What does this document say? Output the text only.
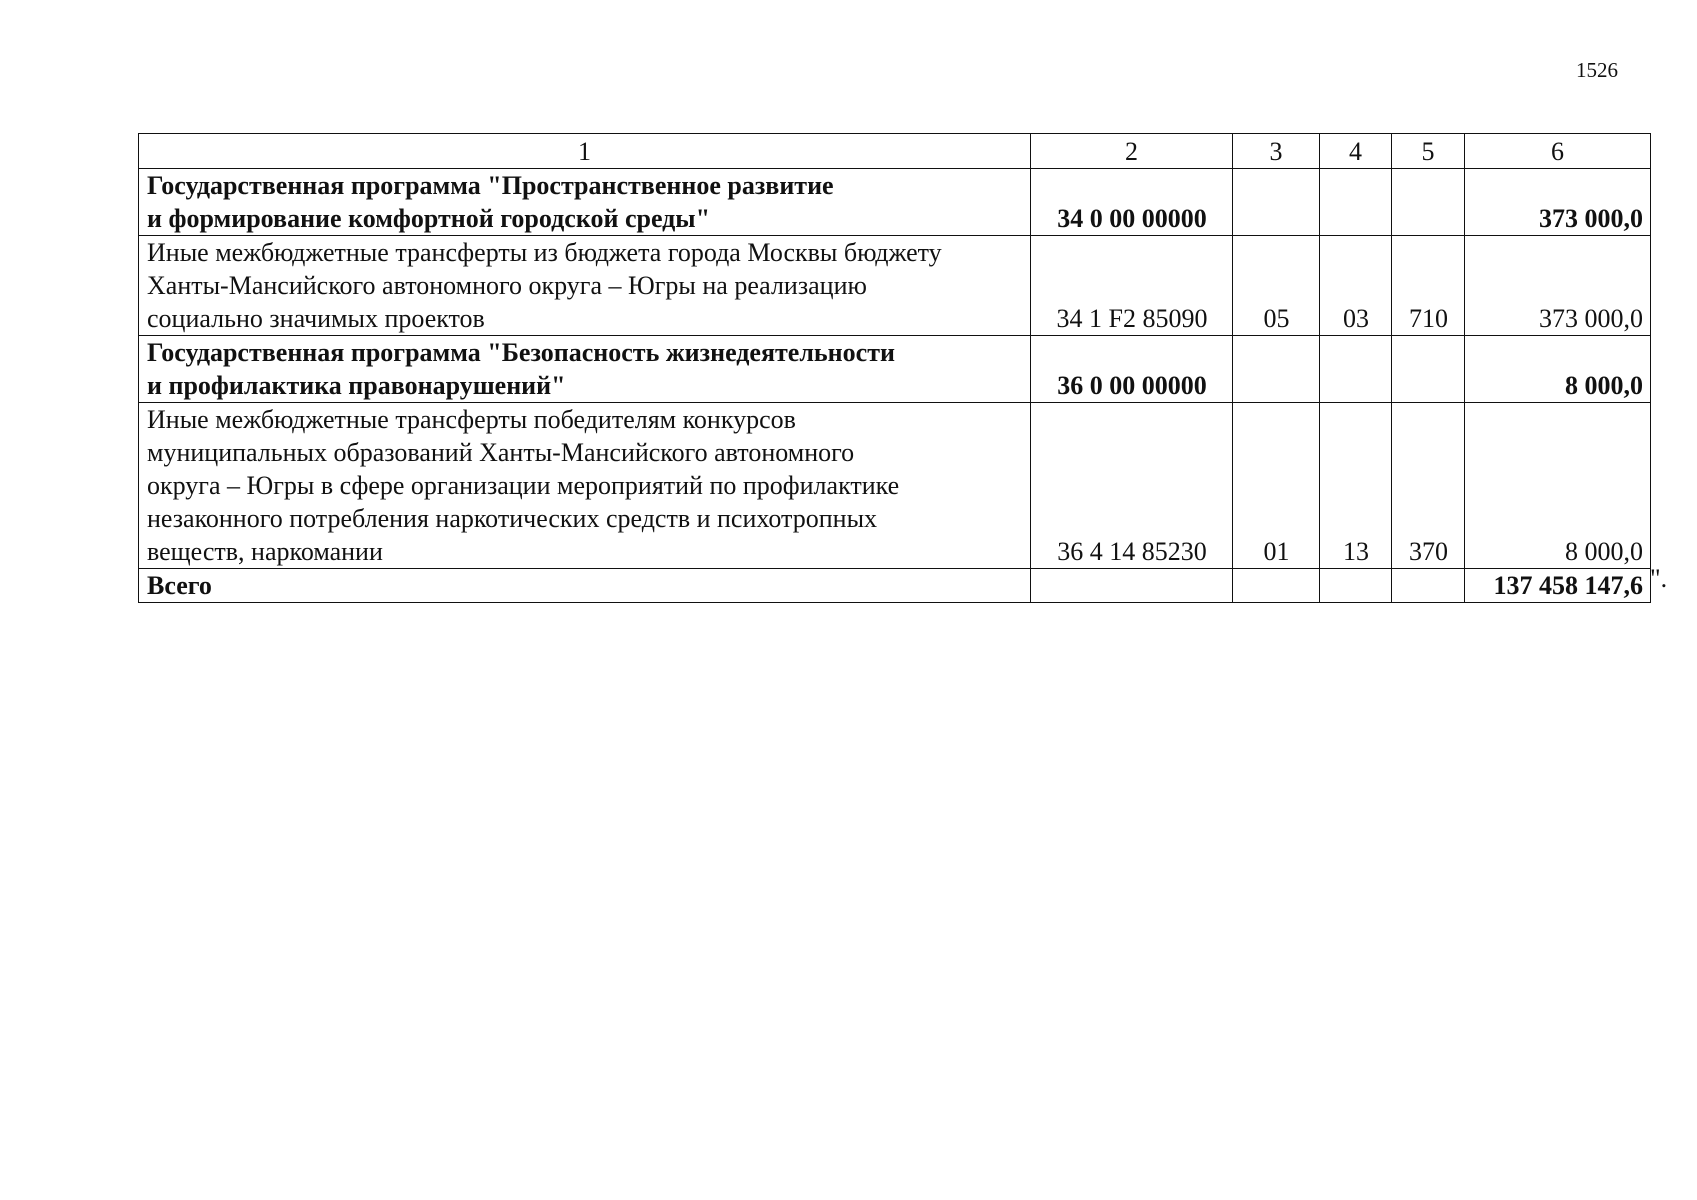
1526
1	2	3	4	5	6

Государственная программа "Пространственное развитие
и формирование комфортной городской среды"	34 0 00 00000				373 000,0

Иные межбюджетные трансферты из бюджета города Москвы бюджету
Ханты-Мансийского автономного округа – Югры на реализацию
социально значимых проектов	34 1 F2 85090	05	03	710	373 000,0

Государственная программа "Безопасность жизнедеятельности
и профилактика правонарушений"	36 0 00 00000				8 000,0

Иные межбюджетные трансферты победителям конкурсов
муниципальных образований Ханты-Мансийского автономного
округа – Югры в сфере организации мероприятий по профилактике
незаконного потребления наркотических средств и психотропных
веществ, наркомании	36 4 14 85230	01	13	370	8 000,0
Всего					137 458 147,6 ".
